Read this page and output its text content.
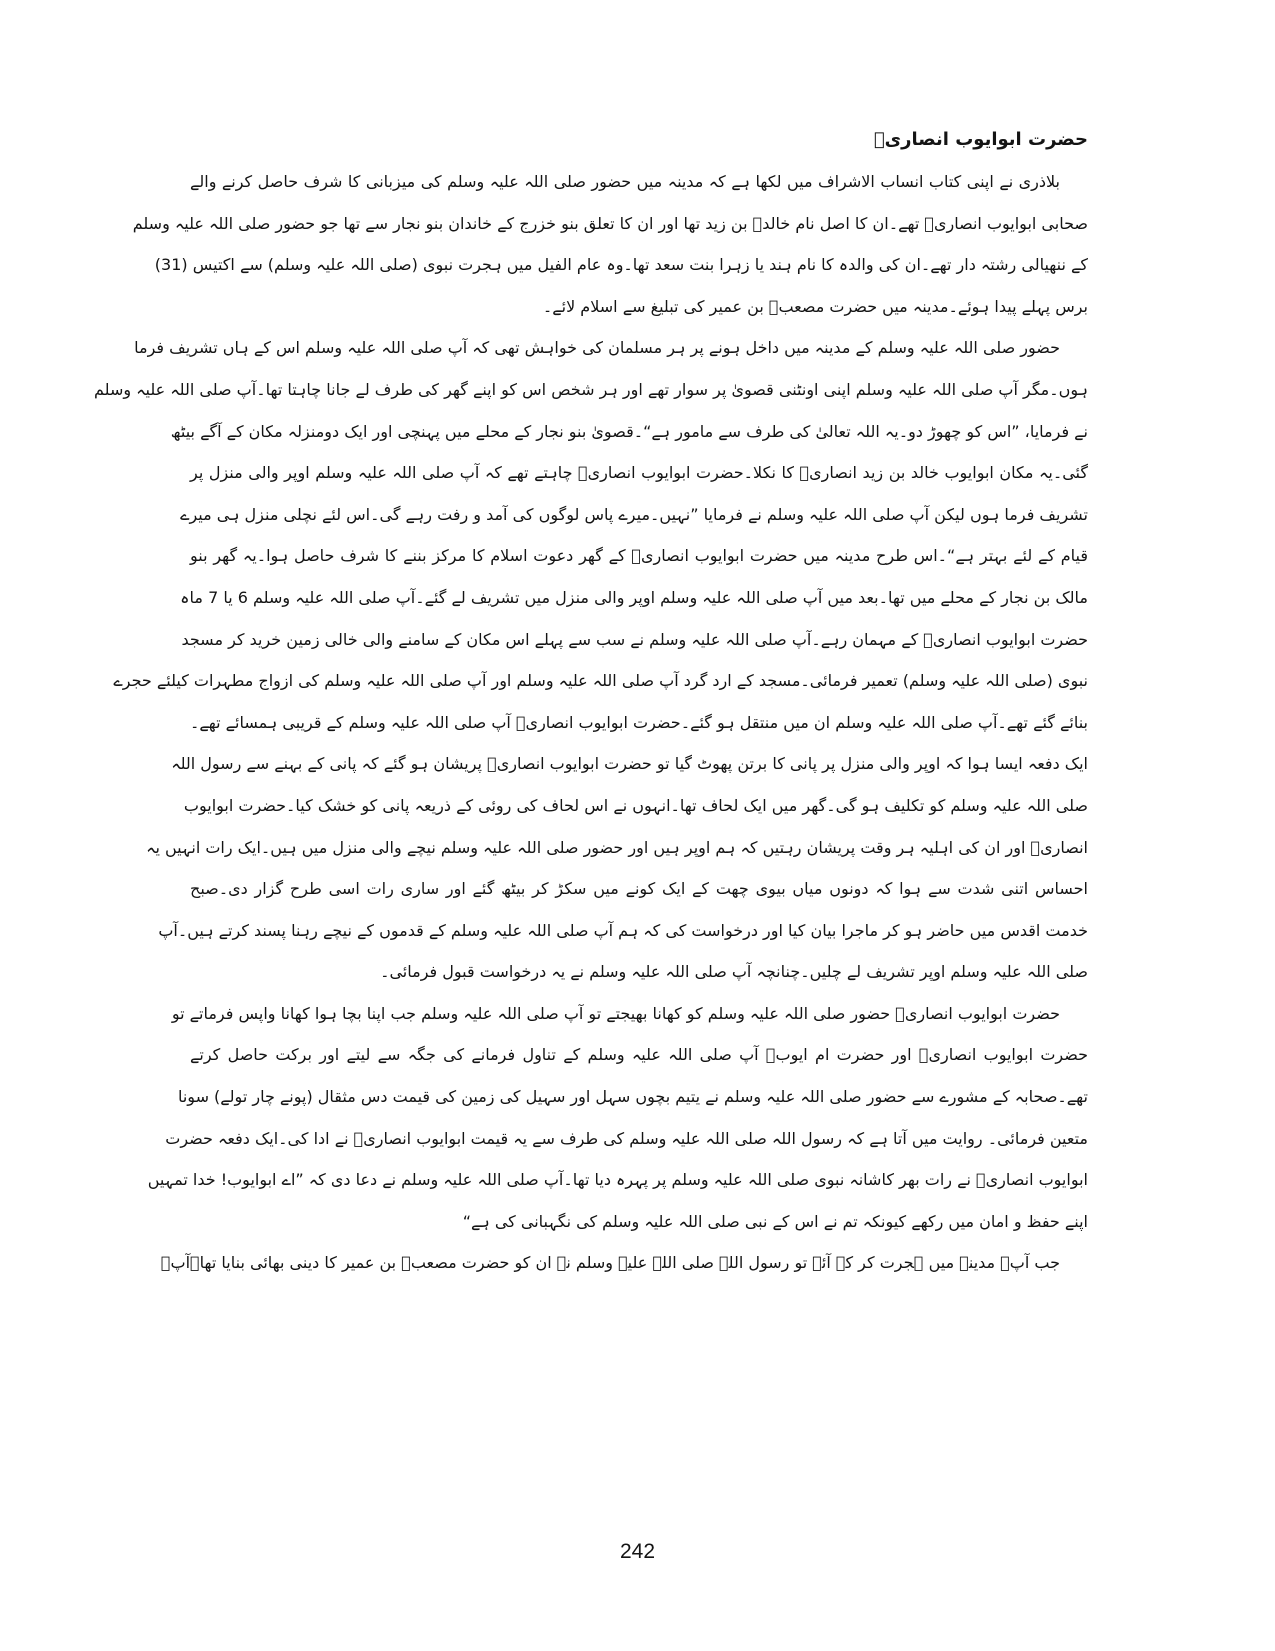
حضرت ابوایوب انصاریؓ
بلاذری نے اپنی کتاب انساب الاشراف میں لکھا ہے کہ مدینہ میں حضور صلی اللہ علیہ وسلم کی میزبانی کا شرف حاصل کرنے والے
صحابی ابوایوب انصاریؓ تھے۔ان کا اصل نام خالدؓ بن زید تھا اور ان کا تعلق بنو خزرج کے خاندان بنو نجار سے تھا جو حضور صلی اللہ علیہ وسلم
کے ننھیالی رشتہ دار تھے۔ان کی والدہ کا نام ہند یا زہرا بنت سعد تھا۔وہ عام الفیل میں ہجرت نبوی (صلی اللہ علیہ وسلم) سے اکتیس (31)
برس پہلے پیدا ہوئے۔مدینہ میں حضرت مصعبؓ بن عمیر کی تبلیغ سے اسلام لائے۔
حضور صلی اللہ علیہ وسلم کے مدینہ میں داخل ہونے پر ہر مسلمان کی خواہش تھی کہ آپ صلی اللہ علیہ وسلم اس کے ہاں تشریف فرما
ہوں۔مگر آپ صلی اللہ علیہ وسلم اپنی اونٹنی قصویٰ پر سوار تھے اور ہر شخص اس کو اپنے گھر کی طرف لے جانا چاہتا تھا۔آپ صلی اللہ علیہ وسلم
نے فرمایا، ”اس کو چھوڑ دو۔یہ اللہ تعالیٰ کی طرف سے مامور ہے“۔قصویٰ بنو نجار کے محلے میں پہنچی اور ایک دومنزلہ مکان کے آگے بیٹھ
گئی۔یہ مکان ابوایوب خالد بن زید انصاریؓ کا نکلا۔حضرت ابوایوب انصاریؓ چاہتے تھے کہ آپ صلی اللہ علیہ وسلم اوپر والی منزل پر
تشریف فرما ہوں لیکن آپ صلی اللہ علیہ وسلم نے فرمایا ”نہیں۔میرے پاس لوگوں کی آمد و رفت رہے گی۔اس لئے نچلی منزل ہی میرے
قیام کے لئے بہتر ہے“۔اس طرح مدینہ میں حضرت ابوایوب انصاریؓ کے گھر دعوت اسلام کا مرکز بننے کا شرف حاصل ہوا۔یہ گھر بنو
مالک بن نجار کے محلے میں تھا۔بعد میں آپ صلی اللہ علیہ وسلم اوپر والی منزل میں تشریف لے گئے۔آپ صلی اللہ علیہ وسلم 6 یا 7 ماہ
حضرت ابوایوب انصاریؓ کے مہمان رہے۔آپ صلی اللہ علیہ وسلم نے سب سے پہلے اس مکان کے سامنے والی خالی زمین خرید کر مسجد
نبوی (صلی اللہ علیہ وسلم) تعمیر فرمائی۔مسجد کے ارد گرد آپ صلی اللہ علیہ وسلم اور آپ صلی اللہ علیہ وسلم کی ازواج مطہرات کیلئے حجرے
بنائے گئے تھے۔آپ صلی اللہ علیہ وسلم ان میں منتقل ہو گئے۔حضرت ابوایوب انصاریؓ آپ صلی اللہ علیہ وسلم کے قریبی ہمسائے تھے۔
ایک دفعہ ایسا ہوا کہ اوپر والی منزل پر پانی کا برتن پھوٹ گیا تو حضرت ابوایوب انصاریؓ پریشان ہو گئے کہ پانی کے بہنے سے رسول اللہ
صلی اللہ علیہ وسلم کو تکلیف ہو گی۔گھر میں ایک لحاف تھا۔انہوں نے اس لحاف کی روئی کے ذریعہ پانی کو خشک کیا۔حضرت ابوایوب
انصاریؓ اور ان کی اہلیہ ہر وقت پریشان رہتیں کہ ہم اوپر ہیں اور حضور صلی اللہ علیہ وسلم نیچے والی منزل میں ہیں۔ایک رات انہیں یہ
احساس اتنی شدت سے ہوا کہ دونوں میاں بیوی چھت کے ایک کونے میں سکڑ کر بیٹھ گئے اور ساری رات اسی طرح گزار دی۔صبح
خدمت اقدس میں حاضر ہو کر ماجرا بیان کیا اور درخواست کی کہ ہم آپ صلی اللہ علیہ وسلم کے قدموں کے نیچے رہنا پسند کرتے ہیں۔آپ
صلی اللہ علیہ وسلم اوپر تشریف لے چلیں۔چنانچہ آپ صلی اللہ علیہ وسلم نے یہ درخواست قبول فرمائی۔
حضرت ابوایوب انصاریؓ حضور صلی اللہ علیہ وسلم کو کھانا بھیجتے تو آپ صلی اللہ علیہ وسلم جب اپنا بچا ہوا کھانا واپس فرماتے تو
حضرت ابوایوب انصاریؓ اور حضرت ام ایوبؓ آپ صلی اللہ علیہ وسلم کے تناول فرمانے کی جگہ سے لیتے اور برکت حاصل کرتے
تھے۔صحابہ کے مشورے سے حضور صلی اللہ علیہ وسلم نے یتیم بچوں سہل اور سہیل کی زمین کی قیمت دس مثقال (پونے چار تولے) سونا
متعین فرمائی۔ روایت میں آتا ہے کہ رسول اللہ صلی اللہ علیہ وسلم کی طرف سے یہ قیمت ابوایوب انصاریؓ نے ادا کی۔ایک دفعہ حضرت
ابوایوب انصاریؓ نے رات بھر کاشانہ نبوی صلی اللہ علیہ وسلم پر پہرہ دیا تھا۔آپ صلی اللہ علیہ وسلم نے دعا دی کہ ”اے ابوایوب! خدا تمہیں
اپنے حفظ و امان میں رکھے کیونکہ تم نے اس کے نبی صلی اللہ علیہ وسلم کی نگہبانی کی ہے“
جب آپؐ مدینہ میں ہجرت کر کے آئے تو رسول اللہ صلی اللہ علیہ وسلم نے ان کو حضرت مصعبؓ بن عمیر کا دینی بھائی بنایا تھا۔آپؓ
242
